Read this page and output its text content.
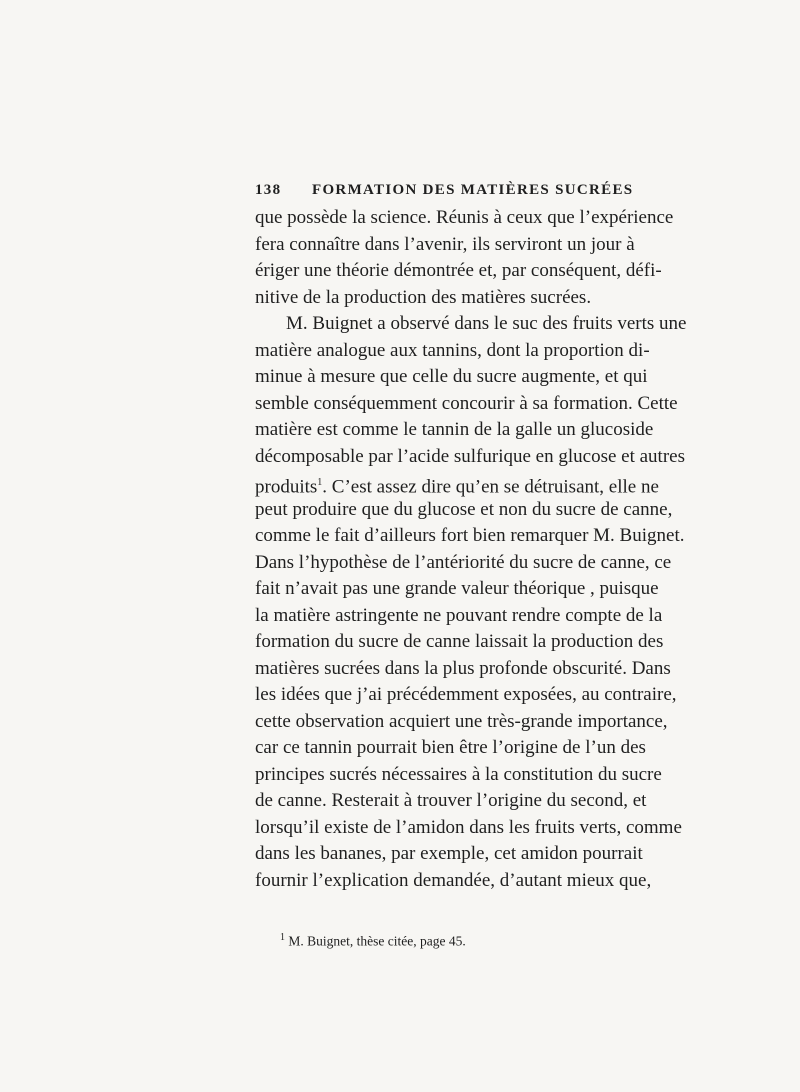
138 FORMATION DES MATIÈRES SUCRÉES
que possède la science. Réunis à ceux que l’expérience
fera connaître dans l’avenir, ils serviront un jour à
ériger une théorie démontrée et, par conséquent, défi-
nitive de la production des matières sucrées.
M. Buignet a observé dans le suc des fruits verts une
matière analogue aux tannins, dont la proportion di-
minue à mesure que celle du sucre augmente, et qui
semble conséquemment concourir à sa formation. Cette
matière est comme le tannin de la galle un glucoside
décomposable par l’acide sulfurique en glucose et autres
produits$^1$. C’est assez dire qu’en se détruisant, elle ne
peut produire que du glucose et non du sucre de canne,
comme le fait d’ailleurs fort bien remarquer M. Buignet.
Dans l’hypothèse de l’antériorité du sucre de canne, ce
fait n’avait pas une grande valeur théorique , puisque
la matière astringente ne pouvant rendre compte de la
formation du sucre de canne laissait la production des
matières sucrées dans la plus profonde obscurité. Dans
les idées que j’ai précédemment exposées, au contraire,
cette observation acquiert une très-grande importance,
car ce tannin pourrait bien être l’origine de l’un des
principes sucrés nécessaires à la constitution du sucre
de canne. Resterait à trouver l’origine du second, et
lorsqu’il existe de l’amidon dans les fruits verts, comme
dans les bananes, par exemple, cet amidon pourrait
fournir l’explication demandée, d’autant mieux que,
$^1$ M. Buignet, thèse citée, page 45.
